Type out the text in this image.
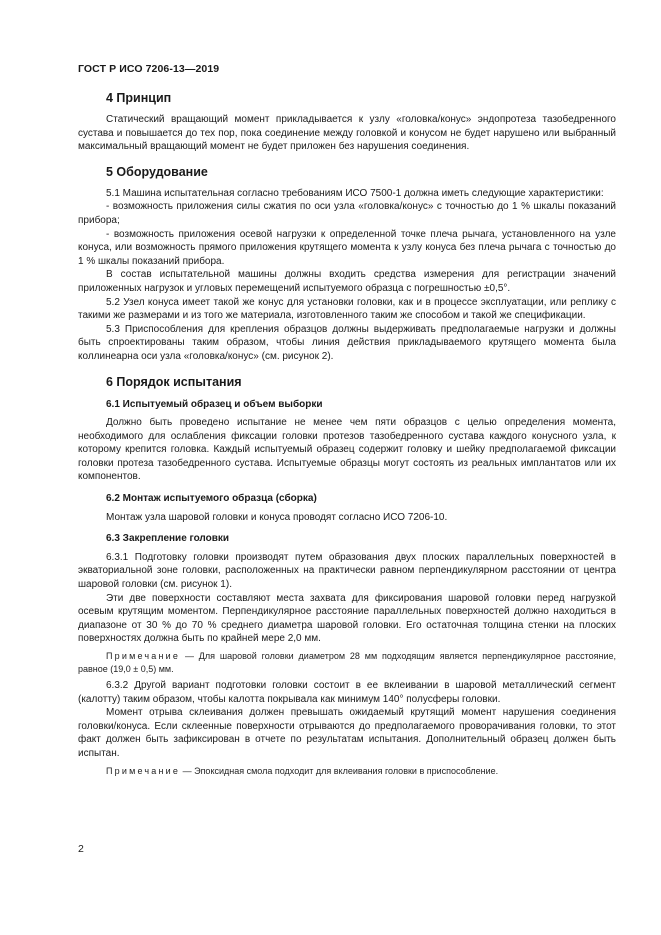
ГОСТ Р ИСО 7206-13—2019
4 Принцип

Статический вращающий момент прикладывается к узлу «головка/конус» эндопротеза тазобедренного сустава и повышается до тех пор, пока соединение между головкой и конусом не будет нарушено или выбранный максимальный вращающий момент не будет приложен без нарушения соединения.

5 Оборудование

5.1 Машина испытательная согласно требованиям ИСО 7500-1 должна иметь следующие характеристики:

- возможность приложения силы сжатия по оси узла «головка/конус» с точностью до 1 % шкалы показаний прибора;

- возможность приложения осевой нагрузки к определенной точке плеча рычага, установленного на узле конуса, или возможность прямого приложения крутящего момента к узлу конуса без плеча рычага с точностью до 1 % шкалы показаний прибора.

В состав испытательной машины должны входить средства измерения для регистрации значений приложенных нагрузок и угловых перемещений испытуемого образца с погрешностью ±0,5°.

5.2 Узел конуса имеет такой же конус для установки головки, как и в процессе эксплуатации, или реплику с такими же размерами и из того же материала, изготовленного таким же способом и такой же спецификации.

5.3 Приспособления для крепления образцов должны выдерживать предполагаемые нагрузки и должны быть спроектированы таким образом, чтобы линия действия прикладываемого крутящего момента была коллинеарна оси узла «головка/конус» (см. рисунок 2).

6 Порядок испытания
6.1 Испытуемый образец и объем выборки

Должно быть проведено испытание не менее чем пяти образцов с целью определения момента, необходимого для ослабления фиксации головки протезов тазобедренного сустава каждого конусного узла, к которому крепится головка. Каждый испытуемый образец содержит головку и шейку предполагаемой фиксации головки протеза тазобедренного сустава. Испытуемые образцы могут состоять из реальных имплантатов или их компонентов.

6.2 Монтаж испытуемого образца (сборка)

Монтаж узла шаровой головки и конуса проводят согласно ИСО 7206-10.

6.3 Закрепление головки

6.3.1 Подготовку головки производят путем образования двух плоских параллельных поверхностей в экваториальной зоне головки, расположенных на практически равном перпендикулярном расстоянии от центра шаровой головки (см. рисунок 1).

Эти две поверхности составляют места захвата для фиксирования шаровой головки перед нагрузкой осевым крутящим моментом. Перпендикулярное расстояние параллельных поверхностей должно находиться в диапазоне от 30 % до 70 % среднего диаметра шаровой головки. Его остаточная толщина стенки на плоских поверхностях должна быть по крайней мере 2,0 мм.

Примечание — Для шаровой головки диаметром 28 мм подходящим является перпендикулярное расстояние, равное (19,0 ± 0,5) мм.

6.3.2 Другой вариант подготовки головки состоит в ее вклеивании в шаровой металлический сегмент (калотту) таким образом, чтобы калотта покрывала как минимум 140° полусферы головки.

Момент отрыва склеивания должен превышать ожидаемый крутящий момент нарушения соединения головки/конуса. Если склеенные поверхности отрываются до предполагаемого проворачивания головки, то этот факт должен быть зафиксирован в отчете по результатам испытания. Дополнительный образец должен быть испытан.

Примечание — Эпоксидная смола подходит для вклеивания головки в приспособление.

2
